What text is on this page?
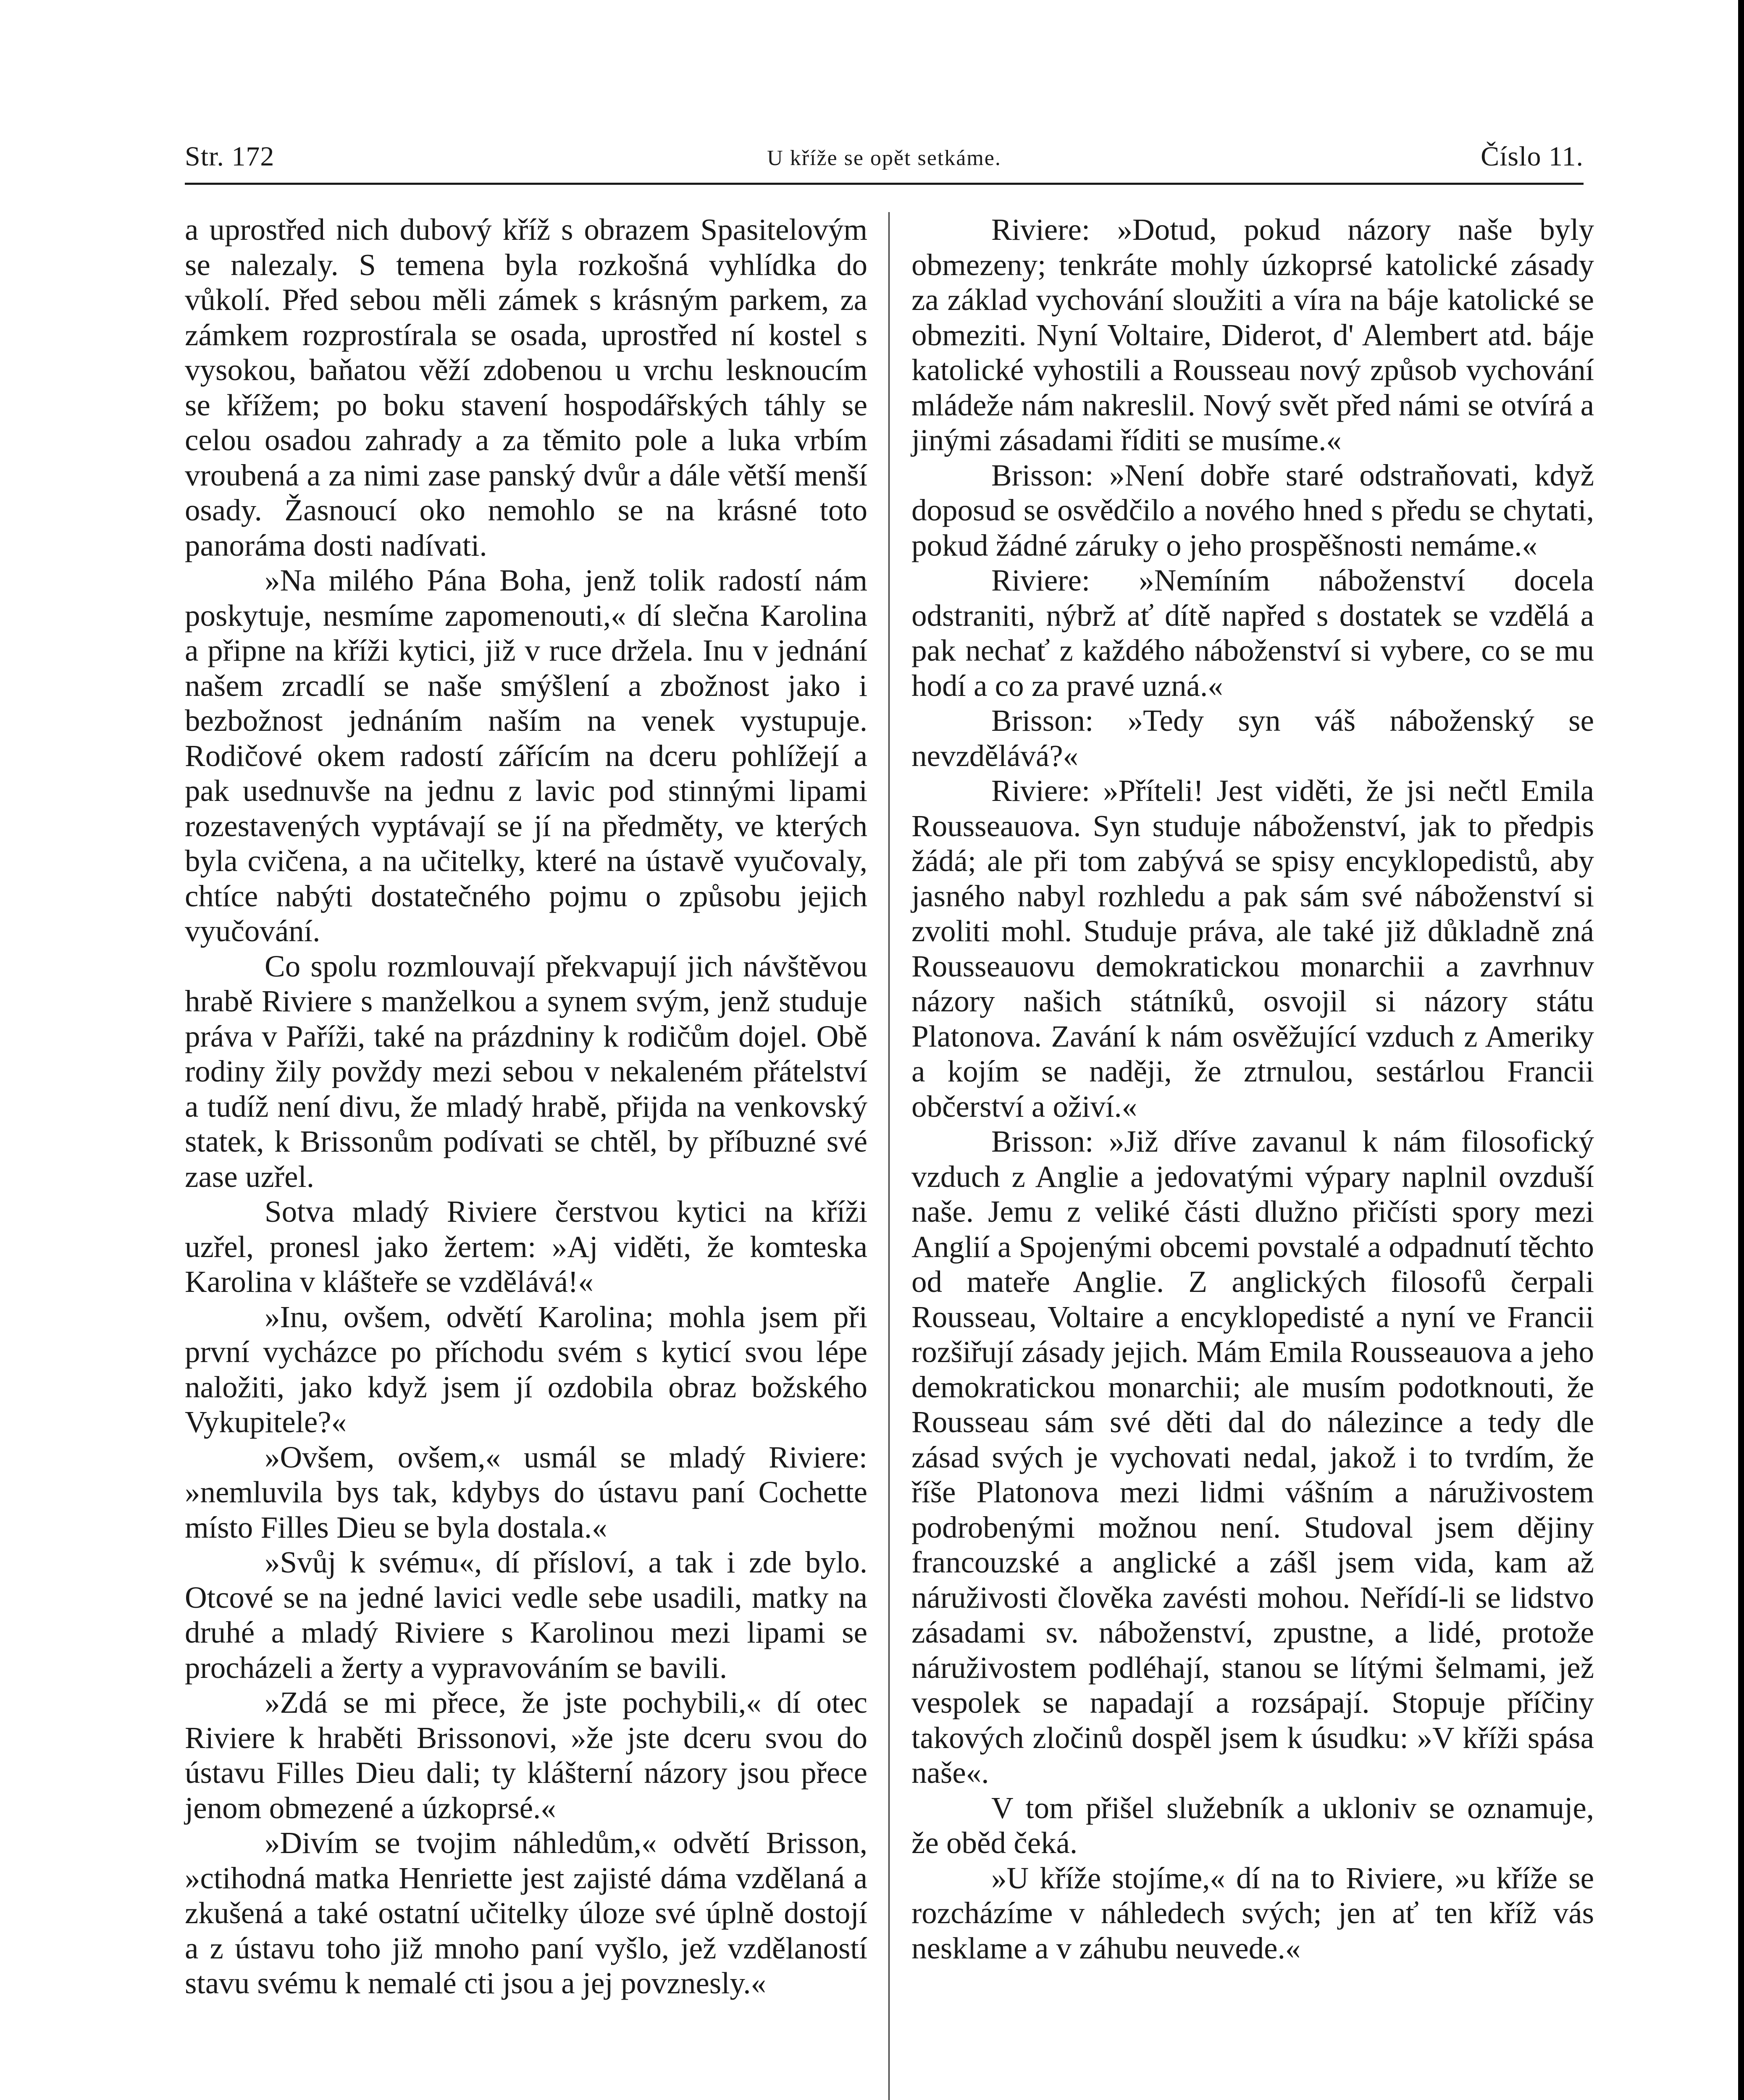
Str. 172	U kříže se opět setkáme.	Číslo 11.

a uprostřed nich dubový kříž s obrazem Spasitelovým se nalezaly. S temena byla rozkošná vyhlídka do vůkolí. Před sebou měli zámek s krásným parkem, za zámkem rozprostírala se osada, uprostřed ní kostel s vysokou, baňatou věží zdobenou u vrchu lesknoucím se křížem; po boku stavení hospodářských táhly se celou osadou zahrady a za těmito pole a luka vrbím vroubená a za nimi zase panský dvůr a dále větší menší osady. Žasnoucí oko nemohlo se na krásné toto panoráma dosti nadívati.

»Na milého Pána Boha, jenž tolik radostí nám poskytuje, nesmíme zapomenouti,« dí slečna Karolina a připne na kříži kytici, již v ruce držela. Inu v jednání našem zrcadlí se naše smýšlení a zbožnost jako i bezbožnost jednáním naším na venek vystupuje. Rodičové okem radostí zářícím na dceru pohlížejí a pak usednuvše na jednu z lavic pod stinnými lipami rozestavených vyptávají se jí na předměty, ve kterých byla cvičena, a na učitelky, které na ústavě vyučovaly, chtíce nabýti dostatečného pojmu o způsobu jejich vyučování.

Co spolu rozmlouvají překvapují jich návštěvou hrabě Riviere s manželkou a synem svým, jenž studuje práva v Paříži, také na prázdniny k rodičům dojel. Obě rodiny žily povždy mezi sebou v nekaleném přátelství a tudíž není divu, že mladý hrabě, přijda na venkovský statek, k Brissonům podívati se chtěl, by příbuzné své zase uzřel.

Sotva mladý Riviere čerstvou kytici na kříži uzřel, pronesl jako žertem: »Aj viděti, že komteska Karolina v klášteře se vzdělává!«

»Inu, ovšem, odvětí Karolina; mohla jsem při první vycházce po příchodu svém s kyticí svou lépe naložiti, jako když jsem jí ozdobila obraz božského Vykupitele?«

»Ovšem, ovšem,« usmál se mladý Riviere: »nemluvila bys tak, kdybys do ústavu paní Cochette místo Filles Dieu se byla dostala.«

»Svůj k svému«, dí přísloví, a tak i zde bylo. Otcové se na jedné lavici vedle sebe usadili, matky na druhé a mladý Riviere s Karolinou mezi lipami se procházeli a žerty a vypravováním se bavili.

»Zdá se mi přece, že jste pochybili,« dí otec Riviere k hraběti Brissonovi, »že jste dceru svou do ústavu Filles Dieu dali; ty klášterní názory jsou přece jenom obmezené a úzkoprsé.«

»Divím se tvojim náhledům,« odvětí Brisson, »ctihodná matka Henriette jest zajisté dáma vzdělaná a zkušená a také ostatní učitelky úloze své úplně dostojí a z ústavu toho již mnoho paní vyšlo, jež vzdělaností stavu svému k nemalé cti jsou a jej povznesly.«

Riviere: »Dotud, pokud názory naše byly obmezeny; tenkráte mohly úzkoprsé katolické zásady za základ vychování sloužiti a víra na báje katolické se obmeziti. Nyní Voltaire, Diderot, d' Alembert atd. báje katolické vyhostili a Rousseau nový způsob vychování mládeže nám nakreslil. Nový svět před námi se otvírá a jinými zásadami říditi se musíme.«

Brisson: »Není dobře staré odstraňovati, když doposud se osvědčilo a nového hned s předu se chytati, pokud žádné záruky o jeho prospěšnosti nemáme.«

Riviere: »Nemíním náboženství docela odstraniti, nýbrž ať dítě napřed s dostatek se vzdělá a pak nechať z každého náboženství si vybere, co se mu hodí a co za pravé uzná.«

Brisson: »Tedy syn váš náboženský se nevzdělává?«

Riviere: »Příteli! Jest viděti, že jsi nečtl Emila Rousseauova. Syn studuje náboženství, jak to předpis žádá; ale při tom zabývá se spisy encyklopedistů, aby jasného nabyl rozhledu a pak sám své náboženství si zvoliti mohl. Studuje práva, ale také již důkladně zná Rousseauovu demokratickou monarchii a zavrhnuv názory našich státníků, osvojil si názory státu Platonova. Zavání k nám osvěžující vzduch z Ameriky a kojím se naději, že ztrnulou, sestárlou Francii občerství a oživí.«

Brisson: »Již dříve zavanul k nám filosofický vzduch z Anglie a jedovatými výpary naplnil ovzduší naše. Jemu z veliké části dlužno přičísti spory mezi Anglií a Spojenými obcemi povstalé a odpadnutí těchto od mateře Anglie. Z anglických filosofů čerpali Rousseau, Voltaire a encyklopedisté a nyní ve Francii rozšiřují zásady jejich. Mám Emila Rousseauova a jeho demokratickou monarchii; ale musím podotknouti, že Rousseau sám své děti dal do nálezince a tedy dle zásad svých je vychovati nedal, jakož i to tvrdím, že říše Platonova mezi lidmi vášním a náruživostem podrobenými možnou není. Studoval jsem dějiny francouzské a anglické a zášl jsem vida, kam až náruživosti člověka zavésti mohou. Neřídí-li se lidstvo zásadami sv. náboženství, zpustne, a lidé, protože náruživostem podléhají, stanou se lítými šelmami, jež vespolek se napadají a rozsápají. Stopuje příčiny takových zločinů dospěl jsem k úsudku: »V kříži spása naše«.

V tom přišel služebník a ukloniv se oznamuje, že oběd čeká.

»U kříže stojíme,« dí na to Riviere, »u kříže se rozcházíme v náhledech svých; jen ať ten kříž vás nesklame a v záhubu neuvede.«
